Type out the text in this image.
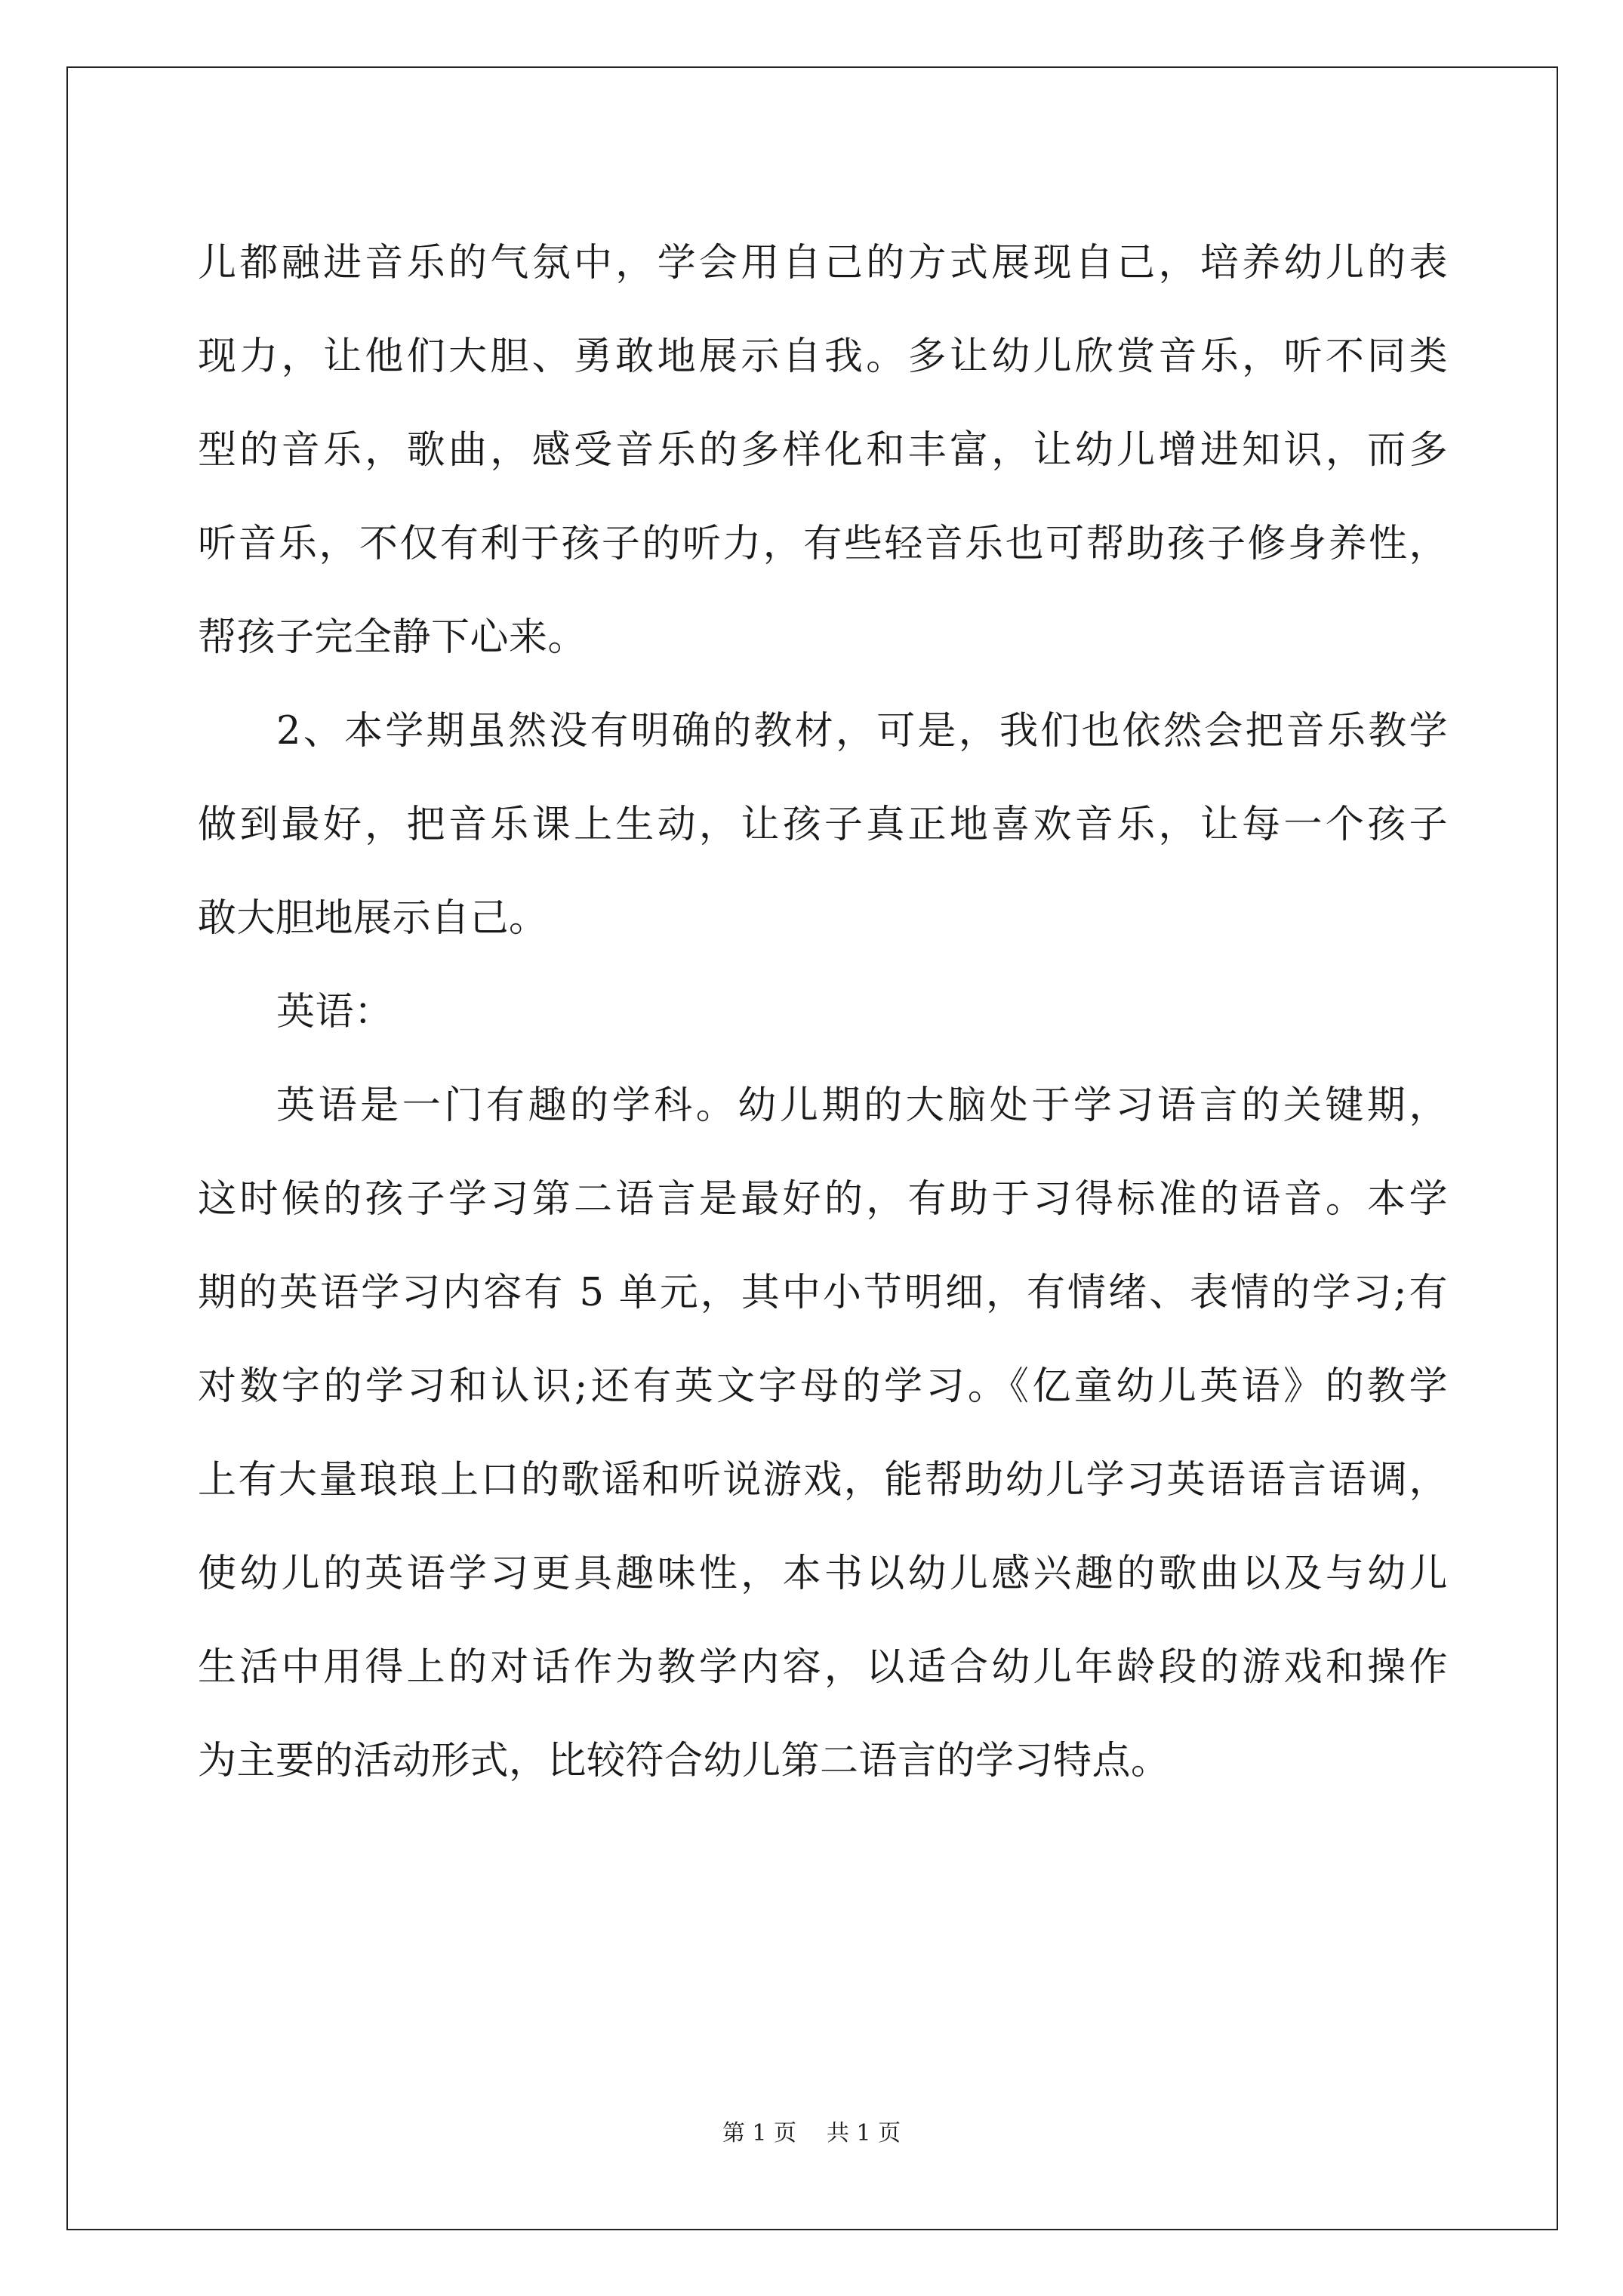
儿都融进音乐的气氛中，学会用自己的方式展现自己，培养幼儿的表
现力，让他们大胆、勇敢地展示自我。多让幼儿欣赏音乐，听不同类
型的音乐，歌曲，感受音乐的多样化和丰富，让幼儿增进知识，而多
听音乐，不仅有利于孩子的听力，有些轻音乐也可帮助孩子修身养性，
帮孩子完全静下心来。
2、本学期虽然没有明确的教材，可是，我们也依然会把音乐教学
做到最好，把音乐课上生动，让孩子真正地喜欢音乐，让每一个孩子
敢大胆地展示自己。
英语：
英语是一门有趣的学科。幼儿期的大脑处于学习语言的关键期，
这时候的孩子学习第二语言是最好的，有助于习得标准的语音。本学
期的英语学习内容有 5 单元，其中小节明细，有情绪、表情的学习;有
对数字的学习和认识;还有英文字母的学习。《亿童幼儿英语》的教学
上有大量琅琅上口的歌谣和听说游戏，能帮助幼儿学习英语语言语调，
使幼儿的英语学习更具趣味性，本书以幼儿感兴趣的歌曲以及与幼儿
生活中用得上的对话作为教学内容，以适合幼儿年龄段的游戏和操作
为主要的活动形式，比较符合幼儿第二语言的学习特点。
第 1 页 共 1 页
